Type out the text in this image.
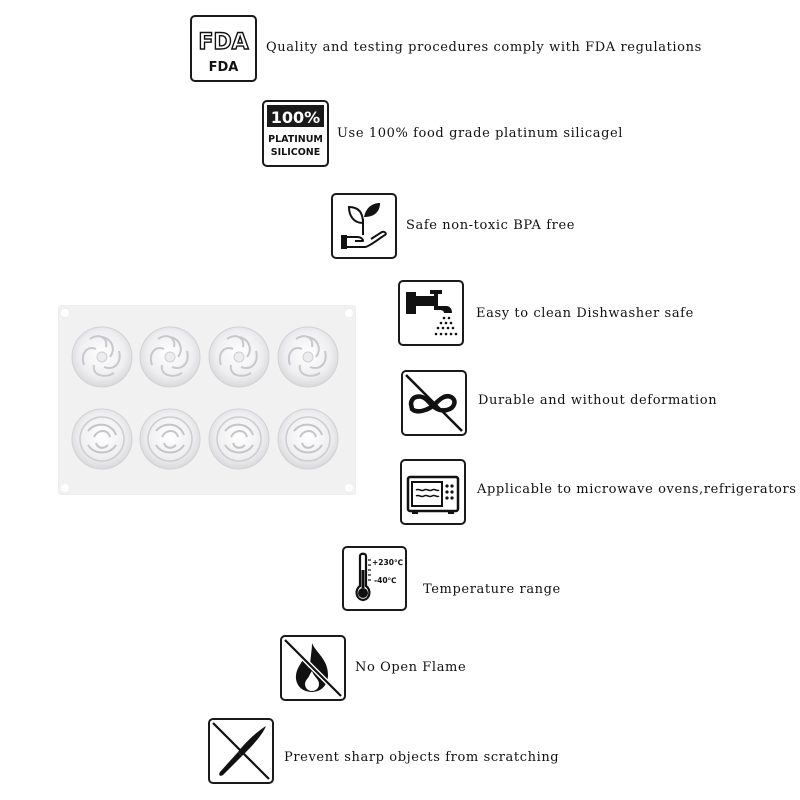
FDA
FDA
Quality and testing procedures comply with FDA regulations
100%
PLATINUM
SILICONE
Use 100% food grade platinum silicagel
Safe non-toxic BPA free
Easy to clean Dishwasher safe
Durable and without deformation
Applicable to microwave ovens,refrigerators
+230℃
-40℃
Temperature range
No Open Flame
Prevent sharp objects from scratching
